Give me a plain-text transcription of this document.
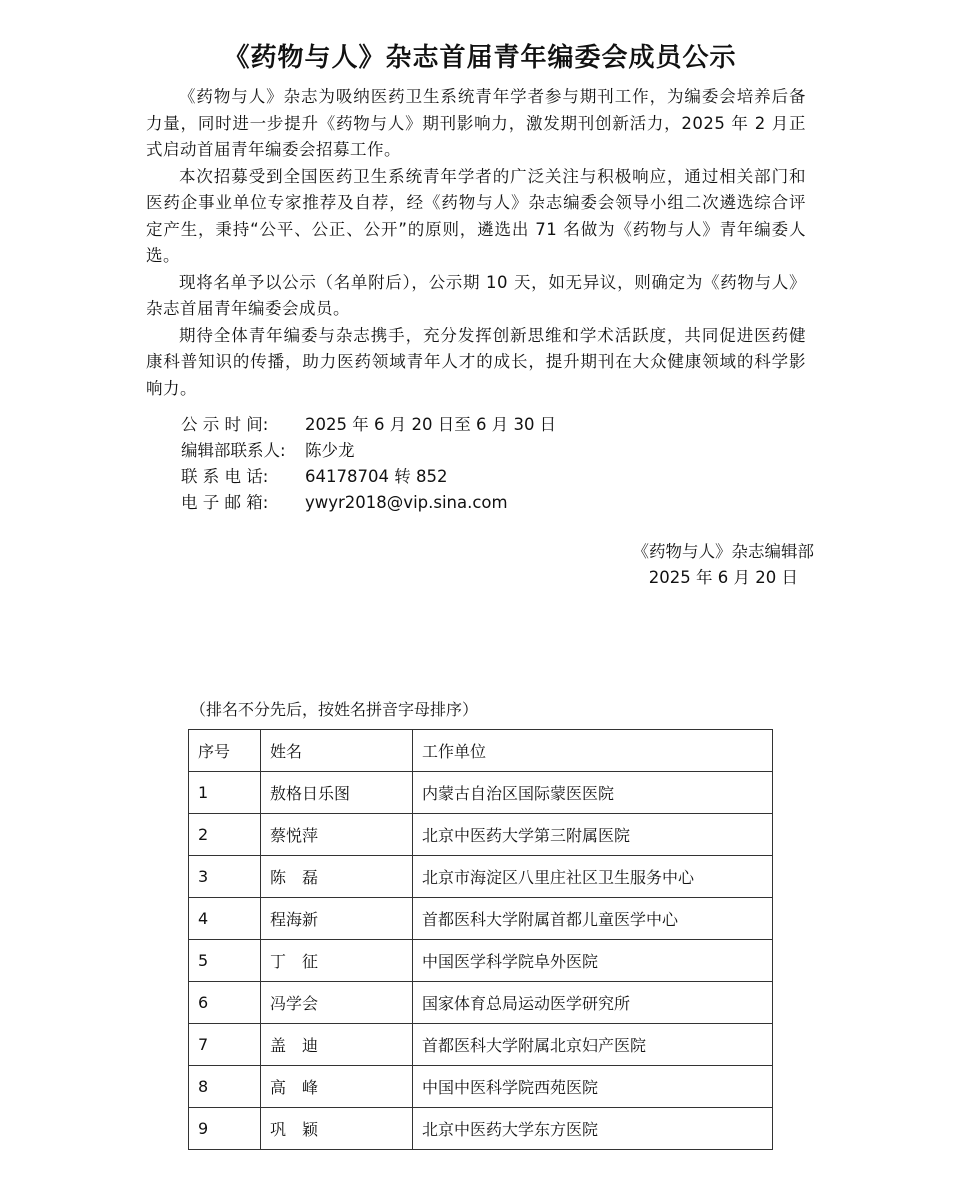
《药物与人》杂志首届青年编委会成员公示

《药物与人》杂志为吸纳医药卫生系统青年学者参与期刊工作，为编委会培养后备力量，同时进一步提升《药物与人》期刊影响力，激发期刊创新活力，2025 年 2 月正式启动首届青年编委会招募工作。

本次招募受到全国医药卫生系统青年学者的广泛关注与积极响应，通过相关部门和医药企事业单位专家推荐及自荐，经《药物与人》杂志编委会领导小组二次遴选综合评定产生，秉持“公平、公正、公开”的原则，遴选出 71 名做为《药物与人》青年编委人选。

现将名单予以公示（名单附后），公示期 10 天，如无异议，则确定为《药物与人》杂志首届青年编委会成员。

期待全体青年编委与杂志携手，充分发挥创新思维和学术活跃度，共同促进医药健康科普知识的传播，助力医药领域青年人才的成长，提升期刊在大众健康领域的科学影响力。

公 示 时 间:	2025 年 6 月 20 日至 6 月 30 日
编辑部联系人:	陈少龙
联 系 电 话:	64178704 转 852
电 子 邮 箱:	ywyr2018@vip.sina.com
《药物与人》杂志编辑部
2025 年 6 月 20 日
（排名不分先后，按姓名拼音字母排序）
序号	姓名	工作单位
1	敖格日乐图	内蒙古自治区国际蒙医医院
2	蔡悦萍	北京中医药大学第三附属医院
3	陈　磊	北京市海淀区八里庄社区卫生服务中心
4	程海新	首都医科大学附属首都儿童医学中心
5	丁　征	中国医学科学院阜外医院
6	冯学会	国家体育总局运动医学研究所
7	盖　迪	首都医科大学附属北京妇产医院
8	高　峰	中国中医科学院西苑医院
9	巩　颖	北京中医药大学东方医院
